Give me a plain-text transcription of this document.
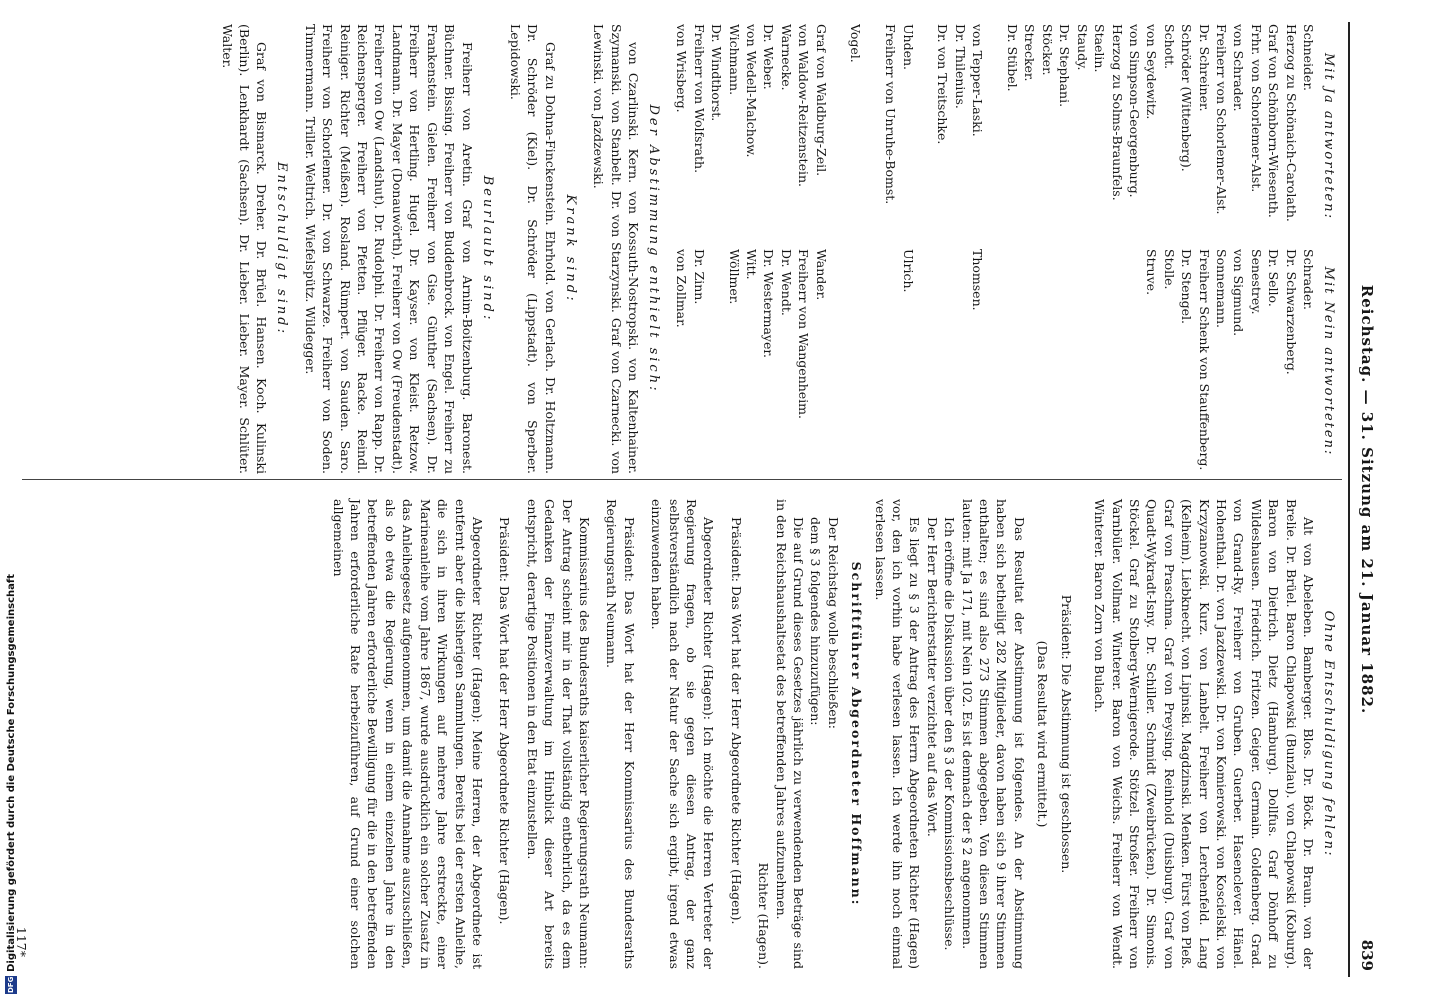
Digitalisierung gefördert durch die Deutsche Forschungsgemeinschaft
DFG
Reichstag. — 31. Sitzung am 21. Januar 1882.
839
Mit Ja antworteten:
Schneider.
Herzog zu Schönaich-Carolath.
Graf von Schönborn-Wiesenth.
Frhr. von Schorlemer-Alst.
von Schrader.
Freiherr von Schorlemer-Alst.
Dr. Schreiner.
Schröder (Wittenberg).
Schott.
von Seydewitz.
von Simpson-Georgenburg.
Herzog zu Solms-Braunfels.
Staelin.
Staudy.
Dr. Stephani.
Stöcker.
Strecker.
Dr. Stübel.

von Tepper-Laski.
Dr. Thilenius.
Dr. von Treitschke.

Uhden.
Freiherr von Unruhe-Bomst.

Vogel.

Graf von Waldburg-Zeil.
von Waldow-Reitzenstein.
Warnecke.
Dr. Weber.
von Wedell-Malchow.
Wichmann.
Dr. Windthorst.
Freiherr von Wolfsrath.
von Wrisberg.
Mit Nein antworteten:
Schrader.
Dr. Schwarzenberg.
Dr. Sello.
Senestrey.
von Sigmund.
Sonnemann.
Freiherr Schenk von Stauffenberg.
Dr. Stengel.
Stolle.
Struve.

Thomsen.

Ulrich.

Wander.
Freiherr von Wangenheim.
Dr. Wendt.
Dr. Westermayer.
Witt.
Wöllmer.

Dr. Zinn.
von Zollmar.
Der Abstimmung enthielt sich:

von Czarlinski. Kern. von Kossuth-Nostropski. von Kaltenhainer. Szymanski. von Stanbelt. Dr. von Starzynski. Graf von Czarnecki. von Lewinski. von Jazdzewski.

Krank sind:

Graf zu Dohna-Finckenstein. Ehrhold. von Gerlach. Dr. Holtzmann. Dr. Schröder (Kiel). Dr. Schröder (Lippstadt). von Sperber. Lepidowski.

Beurlaubt sind:

Freiherr von Aretin. Graf von Arnim-Boitzenburg. Baronest. Büchner. Bissing. Freiherr von Buddenbrock. von Engel. Freiherr zu Frankenstein. Gielen. Freiherr von Gise. Günther (Sachsen). Dr. Freiherr von Hertling. Hugel. Dr. Kayser. von Kleist. Retzow. Landmann. Dr. Mayer (Donauwörth). Freiherr von Ow (Freudenstadt). Freiherr von Ow (Landshut). Dr. Rudolphi. Dr. Freiherr von Rapp. Dr. Reichensperger. Freiherr von Pfetten. Pflüger. Racke. Reindl. Reiniger. Richter (Meißen). Rosland. Rümpert. von Sauden. Saro. Freiherr von Schorlemer. Dr. von Schwarze. Freiherr von Soden. Timmermann. Triller. Weltrich. Wiefelspütz. Wildegger.

Entschuldigt sind:

Graf von Bismarck. Dreher. Dr. Brüel. Hansen. Koch. Kulinski (Berlin). Lenkhardt (Sachsen). Dr. Lieber. Lieber. Mayer. Schlüter. Walter.

Ohne Entschuldigung fehlen:

Alt von Abeleben. Bamberger. Blos. Dr. Böck. Dr. Braun. von der Brelie. Dr. Brüel. Baron Chlapowski (Bunzlau). von Chlapowski (Koburg). Baron von Dietrich. Dietz (Hamburg). Dollfus. Graf Dönhoff zu Wildeshausen. Friedrich. Fritzen. Geiger. Germain. Goldenberg. Grad. von Grand-Ry. Freiherr von Gruben. Guerber. Hasenclever. Hänel. Hohenthal. Dr. von Jazdzewski. Dr. von Komierowski. von Koscielski. von Krzyzanowski. Kurz. von Lanbelt. Freiherr von Lerchenfeld. Lang (Kelheim). Liebknecht. von Lipinski. Magdzinski. Menken. Fürst von Pleß. Graf von Praschma. Graf von Preysing. Reinhold (Duisburg). Graf von Quadt-Wykradt-Isny. Dr. Schiller. Schmidt (Zweibrücken). Dr. Simonis. Stöckel. Graf zu Stolberg-Wernigerode. Stötzel. Stroßer. Freiherr von Varnbüler. Vollmar. Winterer. Baron von Weichs. Freiherr von Wendt. Winterer. Baron Zorn von Bulach.

Präsident: Die Abstimmung ist geschlossen.

(Das Resultat wird ermittelt.)

Das Resultat der Abstimmung ist folgendes. An der Abstimmung haben sich betheiligt 282 Mitglieder, davon haben sich 9 ihrer Stimmen enthalten; es sind also 273 Stimmen abgegeben. Von diesen Stimmen lauten: mit Ja 171, mit Nein 102. Es ist demnach der § 2 angenommen.

Ich eröffne die Diskussion über den § 3 der Kommissionsbeschlüsse.

Der Herr Berichterstatter verzichtet auf das Wort.

Es liegt zu § 3 der Antrag des Herrn Abgeordneten Richter (Hagen) vor, den ich vorhin habe verlesen lassen. Ich werde ihn noch einmal verlesen lassen.

Schriftführer Abgeordneter Hoffmann:

Der Reichstag wolle beschließen:

dem § 3 folgendes hinzuzufügen:

Die auf Grund dieses Gesetzes jährlich zu verwendenden Beträge sind in den Reichshaushaltsetat des betreffenden Jahres aufzunehmen.

Richter (Hagen).

Präsident: Das Wort hat der Herr Abgeordnete Richter (Hagen).

Abgeordneter Richter (Hagen): Ich möchte die Herren Vertreter der Regierung fragen, ob sie gegen diesen Antrag, der ganz selbstverständlich nach der Natur der Sache sich ergibt, irgend etwas einzuwenden haben.

Präsident: Das Wort hat der Herr Kommissarius des Bundesraths Regierungsrath Neumann.

Kommissarius des Bundesraths kaiserlicher Regierungsrath Neumann: Der Antrag scheint mir in der That vollständig entbehrlich, da es dem Gedanken der Finanzverwaltung im Hinblick dieser Art bereits entspricht, derartige Positionen in den Etat einzustellen.

Präsident: Das Wort hat der Herr Abgeordnete Richter (Hagen).

Abgeordneter Richter (Hagen): Meine Herren, der Abgeordnete ist entfernt aber die bisherigen Sammlungen. Bereits bei der ersten Anleihe, die sich in ihren Wirkungen auf mehrere Jahre erstreckte, einer Marineanleihe vom Jahre 1867, wurde ausdrücklich ein solcher Zusatz in das Anleihegesetz aufgenommen, um damit die Annahme auszuschließen, als ob etwa die Regierung, wenn in einem einzelnen Jahre in den betreffenden Jahren erforderliche Bewilligung für die in den betreffenden Jahren erforderliche Rate herbeizuführen, auf Grund einer solchen allgemeinen

117*
